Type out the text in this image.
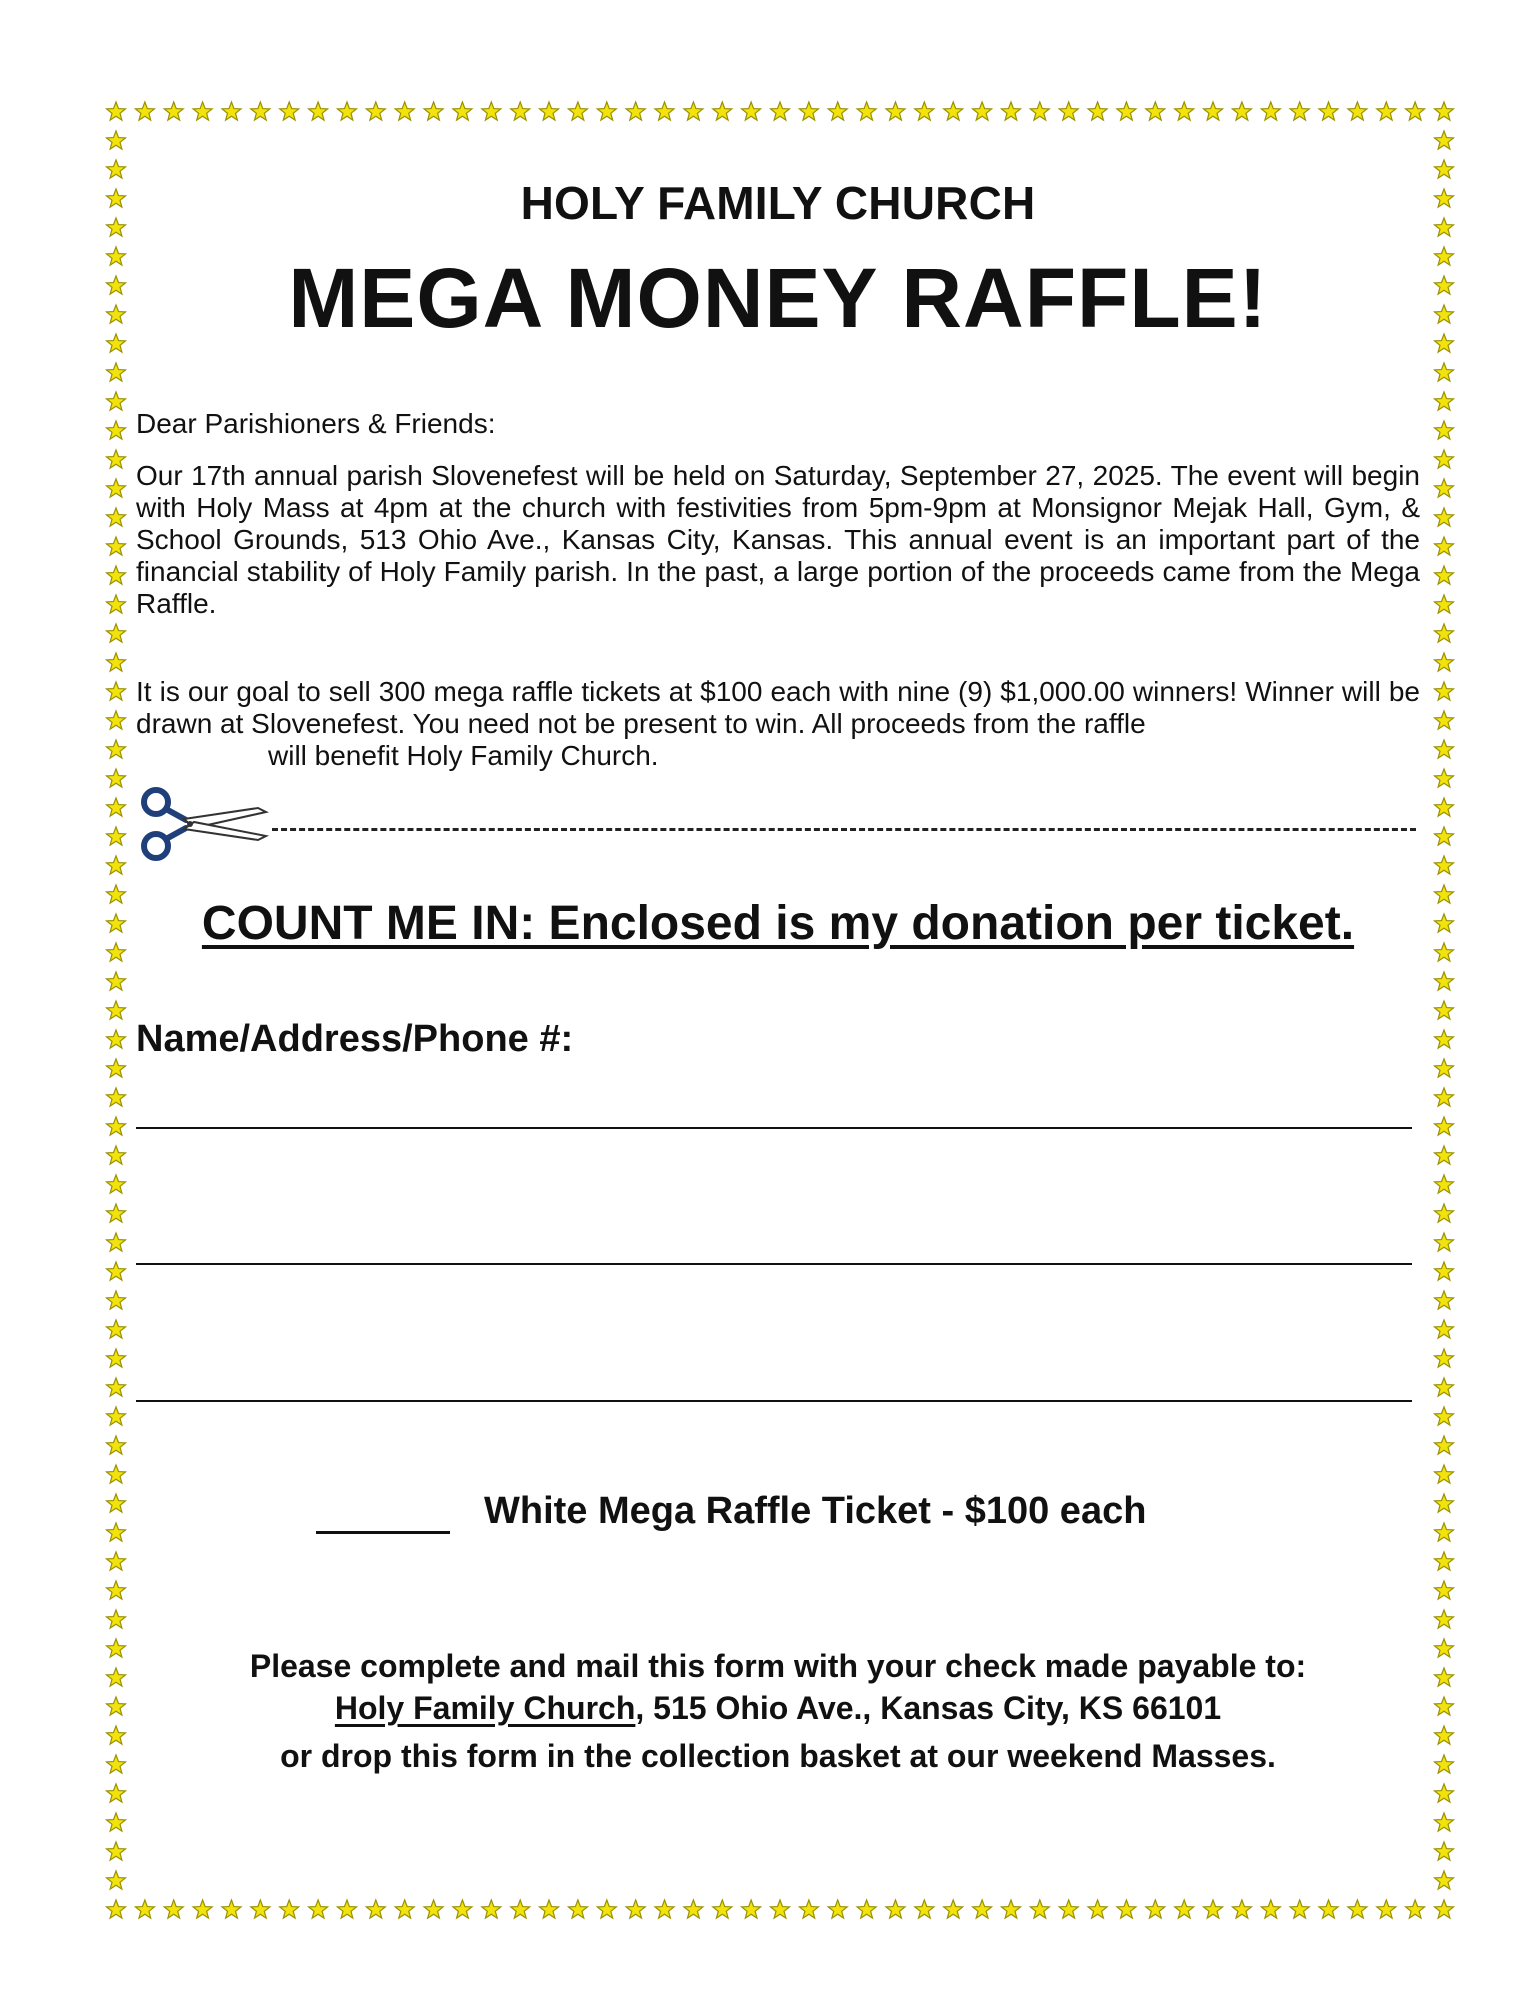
HOLY FAMILY CHURCH
MEGA MONEY RAFFLE!
Dear Parishioners & Friends:
Our 17th annual parish Slovenefest will be held on Saturday, September 27, 2025. The event will begin with Holy Mass at 4pm at the church with festivities from 5pm-9pm at Monsignor Mejak Hall, Gym, & School Grounds, 513 Ohio Ave., Kansas City, Kansas. This annual event is an important part of the financial stability of Holy Family parish. In the past, a large portion of the proceeds came from the Mega Raffle.
It is our goal to sell 300 mega raffle tickets at $100 each with nine (9) $1,000.00 winners! Winner will be drawn at Slovenefest. You need not be present to win. All proceeds from the raffle
will benefit Holy Family Church.
COUNT ME IN: Enclosed is my donation per ticket.
Name/Address/Phone #:
White Mega Raffle Ticket - $100 each
Please complete and mail this form with your check made payable to:
Holy Family Church, 515 Ohio Ave., Kansas City, KS 66101
or drop this form in the collection basket at our weekend Masses.
